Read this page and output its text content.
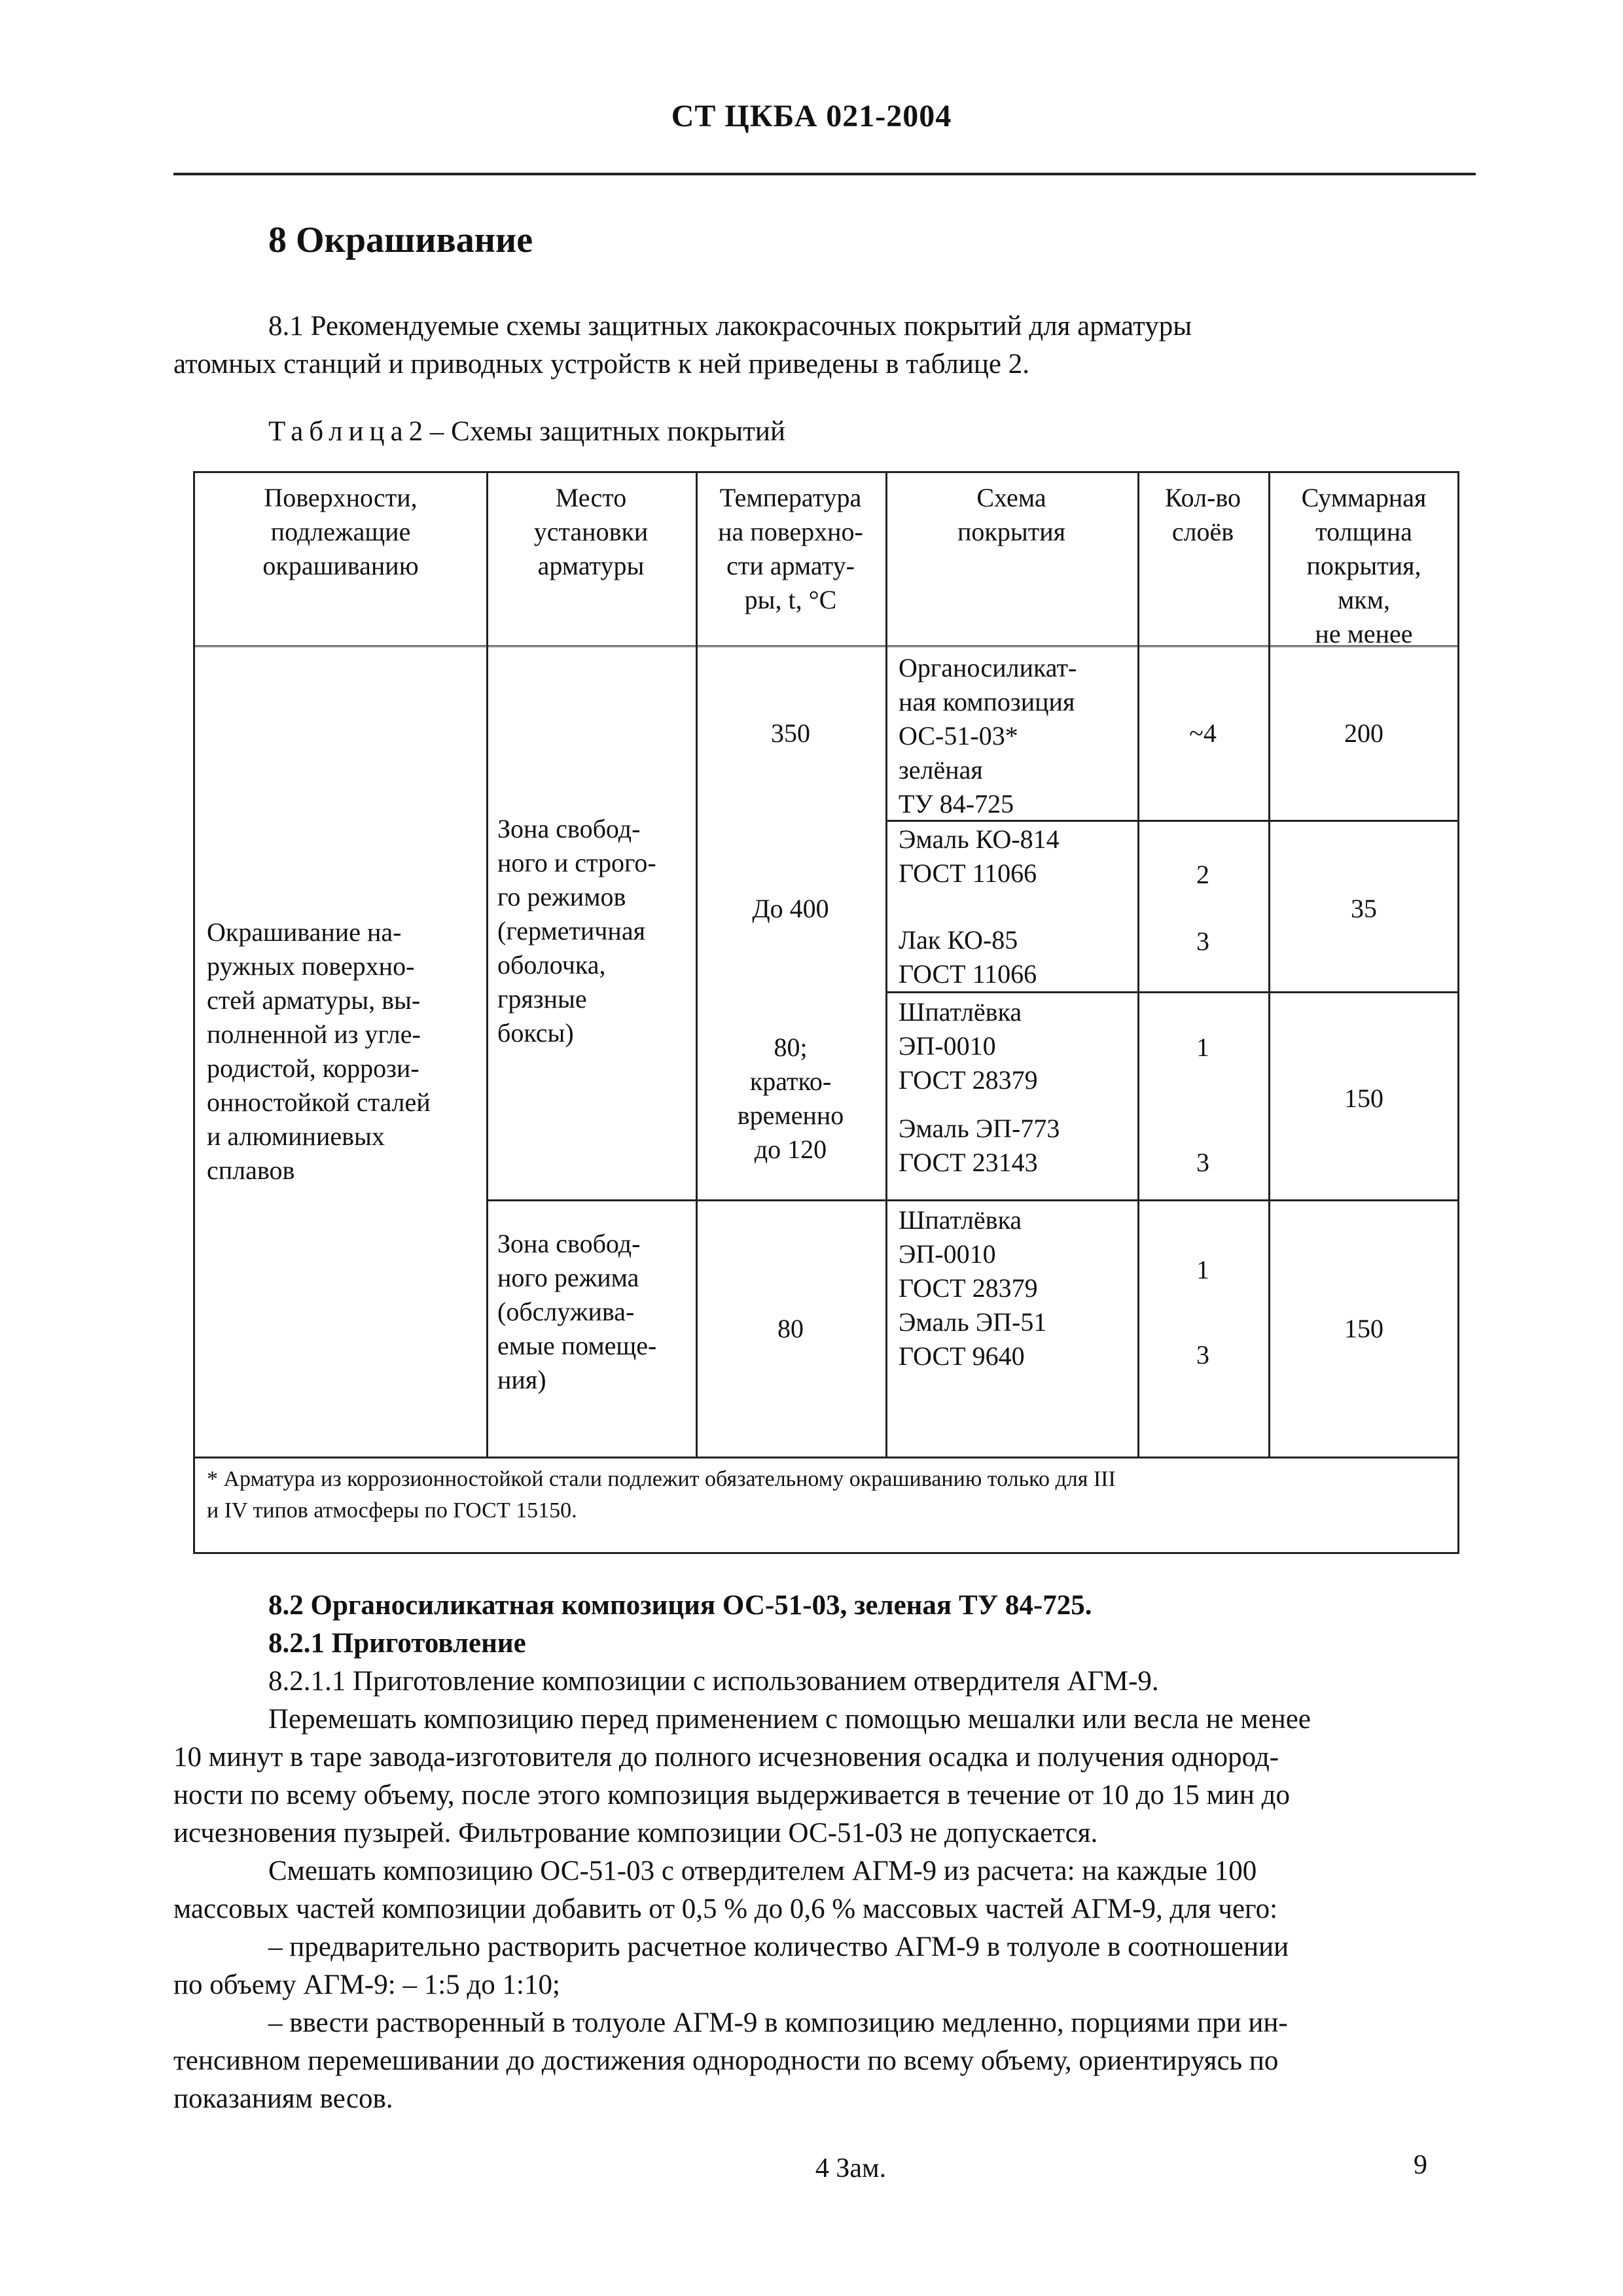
СТ ЦКБА 021-2004
8 Окрашивание
8.1 Рекомендуемые схемы защитных лакокрасочных покрытий для арматуры
атомных станций и приводных устройств к ней приведены в таблице 2.
Таблица2 – Схемы защитных покрытий
Поверхности,
подлежащие
окрашиванию
Место
установки
арматуры
Температура
на поверхно-
сти армату-
ры, t, °С
Схема
покрытия
Кол-во
слоёв
Суммарная
толщина
покрытия,
мкм,
не менее
Окрашивание на-
ружных поверхно-
стей арматуры, вы-
полненной из угле-
родистой, коррози-
онностойкой сталей
и алюминиевых
сплавов
Зона свобод-
ного и строго-
го режимов
(герметичная
оболочка,
грязные
боксы)
Зона свобод-
ного режима
(обслужива-
емые помеще-
ния)
350
Органосиликат-
ная композиция
ОС-51-03*
зелёная
ТУ 84-725
~4	200
До 400
Эмаль КО-814
ГОСТ 11066
Лак КО-85
ГОСТ 11066
2
3
35
80;
кратко-
временно
до 120
Шпатлёвка
ЭП-0010
ГОСТ 28379
Эмаль ЭП-773
ГОСТ 23143
1
3
150
80
Шпатлёвка
ЭП-0010
ГОСТ 28379
Эмаль ЭП-51
ГОСТ 9640
1
3
150
* Арматура из коррозионностойкой стали подлежит обязательному окрашиванию только для III
и IV типов атмосферы по ГОСТ 15150.
8.2 Органосиликатная композиция ОС-51-03, зеленая ТУ 84-725.
8.2.1 Приготовление
8.2.1.1 Приготовление композиции с использованием отвердителя АГМ-9.
Перемешать композицию перед применением с помощью мешалки или весла не менее
10 минут в таре завода-изготовителя до полного исчезновения осадка и получения однород-
ности по всему объему, после этого композиция выдерживается в течение от 10 до 15 мин до
исчезновения пузырей. Фильтрование композиции ОС-51-03 не допускается.
Смешать композицию ОС-51-03 с отвердителем АГМ-9 из расчета: на каждые 100
массовых частей композиции добавить от 0,5 % до 0,6 % массовых частей АГМ-9, для чего:
– предварительно растворить расчетное количество АГМ-9 в толуоле в соотношении
по объему АГМ-9: – 1:5 до 1:10;
– ввести растворенный в толуоле АГМ-9 в композицию медленно, порциями при ин-
тенсивном перемешивании до достижения однородности по всему объему, ориентируясь по
показаниям весов.
4 Зам.	9
